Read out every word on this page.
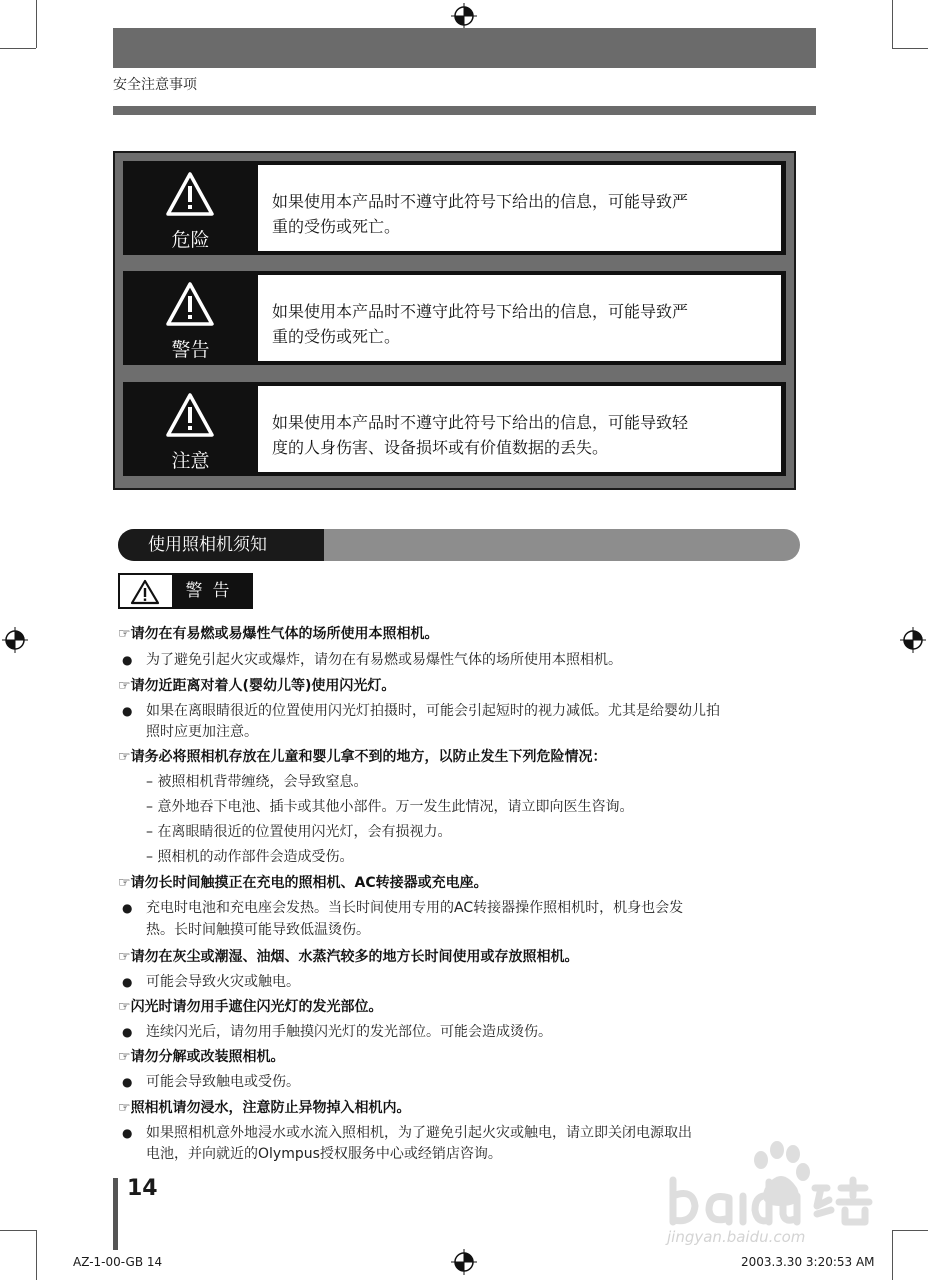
安全注意事项
危险
如果使用本产品时不遵守此符号下给出的信息，可能导致严
重的受伤或死亡。
警告
如果使用本产品时不遵守此符号下给出的信息，可能导致严
重的受伤或死亡。
注意
如果使用本产品时不遵守此符号下给出的信息，可能导致轻
度的人身伤害、设备损坏或有价值数据的丢失。
使用照相机须知
警告
☞请勿在有易燃或易爆性气体的场所使用本照相机。
● 为了避免引起火灾或爆炸，请勿在有易燃或易爆性气体的场所使用本照相机。
☞请勿近距离对着人(婴幼儿等)使用闪光灯。
● 如果在离眼睛很近的位置使用闪光灯拍摄时，可能会引起短时的视力减低。尤其是给婴幼儿拍
照时应更加注意。
☞请务必将照相机存放在儿童和婴儿拿不到的地方，以防止发生下列危险情况：
– 被照相机背带缠绕，会导致窒息。
– 意外地吞下电池、插卡或其他小部件。万一发生此情况，请立即向医生咨询。
– 在离眼睛很近的位置使用闪光灯，会有损视力。
– 照相机的动作部件会造成受伤。
☞请勿长时间触摸正在充电的照相机、AC转接器或充电座。
● 充电时电池和充电座会发热。当长时间使用专用的AC转接器操作照相机时，机身也会发
热。长时间触摸可能导致低温烫伤。
☞请勿在灰尘或潮湿、油烟、水蒸汽较多的地方长时间使用或存放照相机。
● 可能会导致火灾或触电。
☞闪光时请勿用手遮住闪光灯的发光部位。
● 连续闪光后，请勿用手触摸闪光灯的发光部位。可能会造成烫伤。
☞请勿分解或改装照相机。
● 可能会导致触电或受伤。
☞照相机请勿浸水，注意防止异物掉入相机内。
● 如果照相机意外地浸水或水流入照相机，为了避免引起火灾或触电，请立即关闭电源取出
电池，并向就近的Olympus授权服务中心或经销店咨询。
jingyan.baidu.com
14
AZ-1-00-GB 14	2003.3.30 3:20:53 AM
